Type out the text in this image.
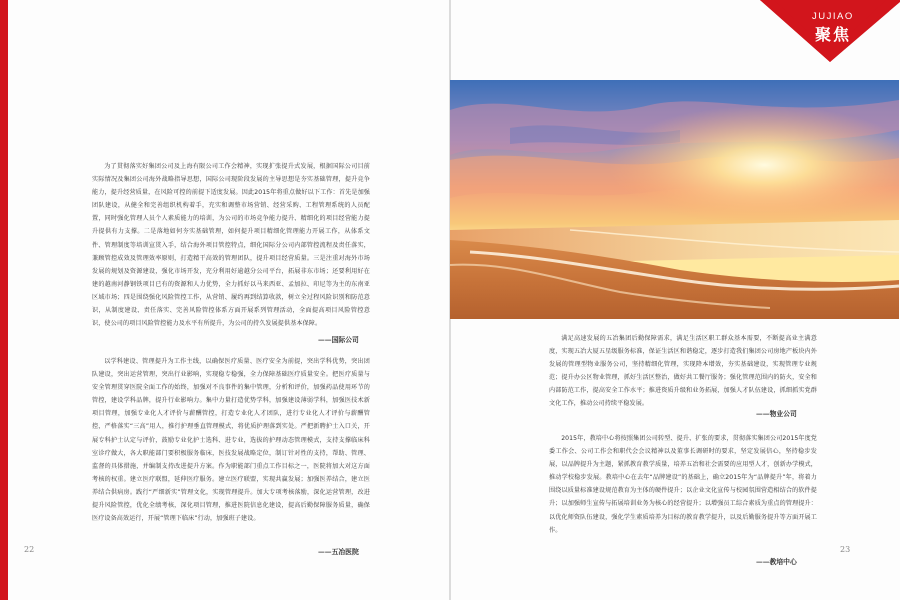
为了贯彻落实好集团公司及上海有限公司工作会精神，实现扩张提升式发展，根据国际公司目前实际情况及集团公司海外战略指导思想，国际公司现阶段发展的主导思想是夯实基础管理，提升竞争能力，提升经营质量，在风险可控的前提下适度发展。因此2015年将重点做好以下工作：首先是加强团队建设，从健全和完善组织机构着手，充实和调整市场营销、经营采购、工程管理系统的人员配置，同时强化管理人员个人素质能力的培训，为公司的市场竞争能力提升、精细化的项目经营能力提升提供有力支撑。二是落地如何夯实基础管理，如何提升项目精细化管理能力开展工作，从体系文件、管理制度等培训宣贯入手，结合海外项目管控特点，细化国际分公司内部管控流程及责任落实，兼顾管控成效及管理效率原则，打造精干高效的管理团队，提升项目经营质量。三是注重对海外市场发展的规划及资源建设，强化市场开发，充分利用好逾越分公司平台，拓展非东市场；还要利用好在建的越南河静钢铁项目已有的资源和人力优势，全力抓好以马来西亚、孟加拉、印尼等为主的东南亚区域市场；四是围绕强化风险管控工作，从营销、履约再到结算收款，树立全过程风险识别和防范意识，从制度建设、责任落实、完善风险管控体系方面开展系列管理活动，全面提高项目风险管控意识，使公司的项目风险管控能力及水平有所提升，为公司的持久发展提供基本保障。

——国际公司

以学科建设、管理提升为工作主线，以确保医疗质量、医疗安全为前提，突出学科优势，突出团队建设，突出运营管理，突出行业影响，实现稳专稳强，全力保障基础医疗质量安全。把医疗质量与安全管理贯穿医院全面工作的始终，加强对不良事件的集中管理，分析和评价，加强药品使用环节的管控，建设学科品牌，提升行业影响力。集中力量打造优势学科，加强建设薄弱学科，加强医技术新项目管理，加强专业化人才评价与薪酬管控，打造专业化人才团队，进行专业化人才评价与薪酬管控，严格落实“三高”用人，推行护理垂直管理模式，将优质护理落到实处。严把新聘护士入口关，开展专科护士认定与评价，鼓励专业化护士选科、进专业，选拔的护理动态管理模式，支持支撑临床科室诊疗做大，各大职能部门要积极服务临床，医技发展战略定位，制订针对性的支持，帮助、管理、监督的具体措施，并编制支持改进提升方案。作为职能部门重点工作目标之一，医院将加大对这方面考核的权重。建立医疗联盟，延伸医疗服务。建立医疗联盟，实现共赢发展；加强医养结合，建立医养结合供病房。践行“严细新实”管理文化，实现管理提升。加大专项考核落励，深化运营管理，改进提升风险管控，优化全绩考核，深化项目管理，推进医院信息化建设，提高后勤保障服务质量，确保医疗设备高效运行，开展“管理下临床”行动，加强班子建设。

——五冶医院
22

满足高速发展的五冶集团后勤保障需求，满足生活区职工群众基本需要，不断提高业主满意度，实现五冶大厦五星级服务标准，保证生活区和谐稳定，逐步打造我们集团公司房地产板块内外发展的管理型物业服务公司，坚持精细化管理，实现降本增效，夯实基础建设，实现管理专业规范；提升办公区物业管理，抓好生活区整治，做好共工餐厅服务；强化管理范围内的防火，安全和内部防范工作，提高安全工作水平；推进资质升级和业务拓展，加强人才队伍建设，抓细抓实党群文化工作，推动公司持续平稳发展。

——物业公司

2015年，教培中心将按照集团公司转型、提升、扩张的要求，贯彻落实集团公司2015年度党委工作会、公司工作会和职代会会议精神以及董事长调研时的要求，坚定发展信心，坚持稳步发展，以品牌提升为主题，紧抓教育教学质量，培养五冶和社会需要的应用型人才，创新办学模式，推动学校稳步发展。教培中心在去年“品牌建设”的基础上，确立2015年为“品牌提升”年，将着力围绕以质量标准建设规范教育为主体的硬件提升；以企业文化宣传与校园氛围营造相结合的软件提升；以加强师生宣传与拓展培训业务为核心的经营提升；以增强员工综合素质为重点的管理提升：以优化师资队伍建设，强化学生素质培养为目标的教育教学提升，以及后勤服务提升等方面开展工作。

——教培中心
23
JUJIAO
聚焦
